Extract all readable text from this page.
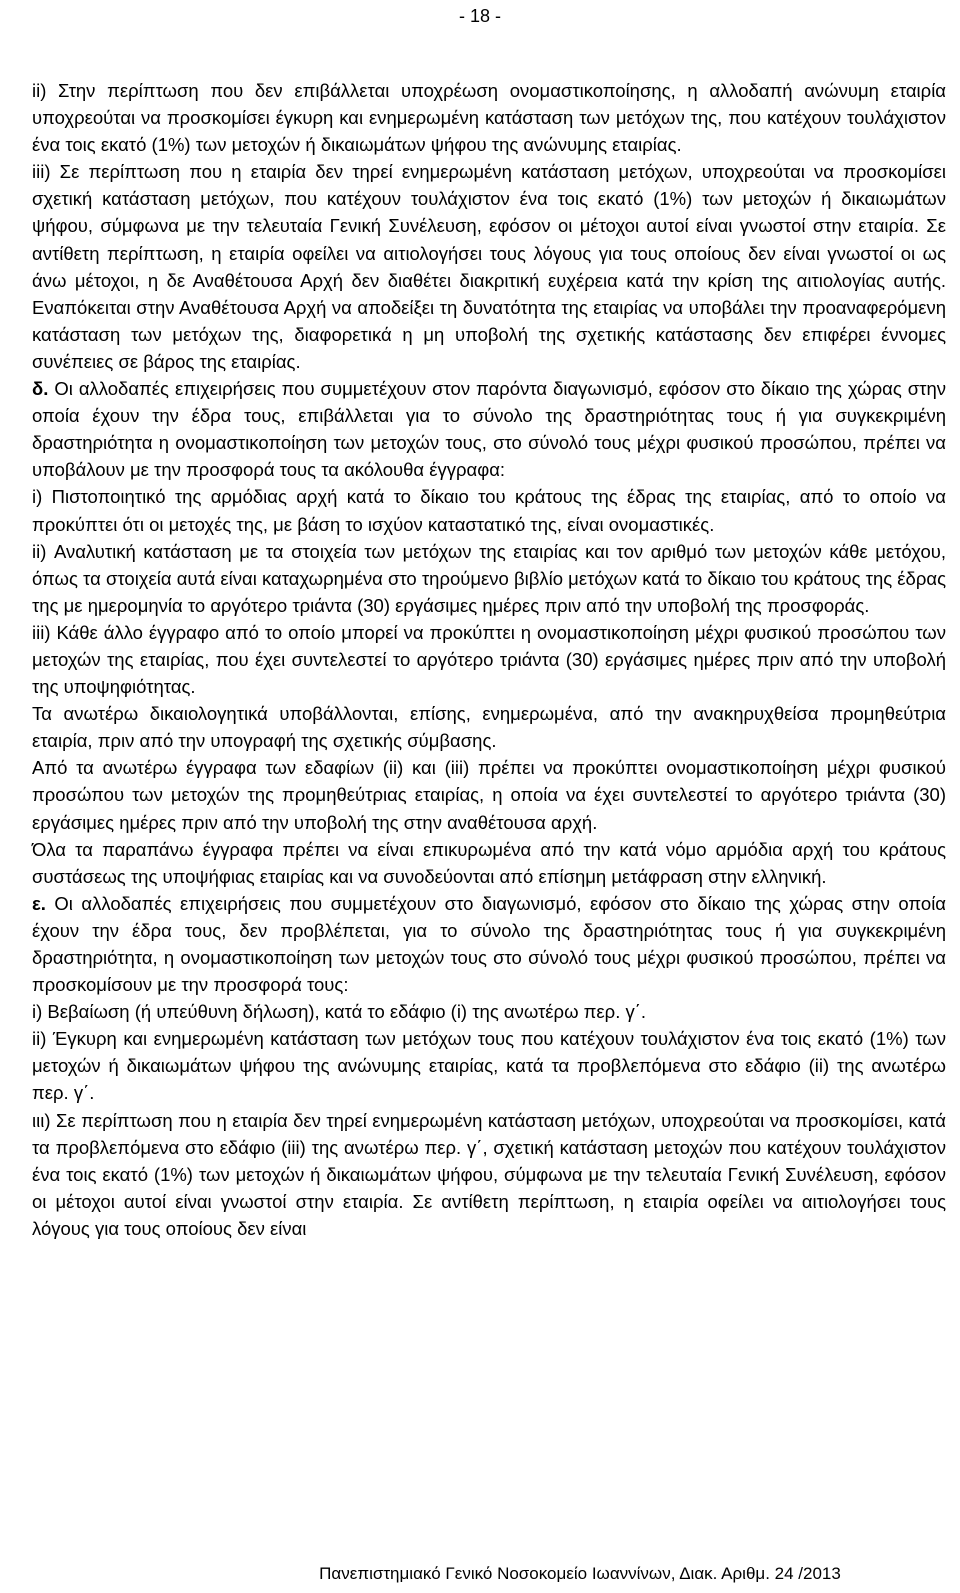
- 18 -

ii) Στην περίπτωση που δεν επιβάλλεται υποχρέωση ονομαστικοποίησης, η αλλοδαπή ανώνυμη εταιρία υποχρεούται να προσκομίσει έγκυρη και ενημερωμένη κατάσταση των μετόχων της, που κατέχουν τουλάχιστον ένα τοις εκατό (1%) των μετοχών ή δικαιωμάτων ψήφου της ανώνυμης εταιρίας.

iii) Σε περίπτωση που η εταιρία δεν τηρεί ενημερωμένη κατάσταση μετόχων, υποχρεούται να προσκομίσει σχετική κατάσταση μετόχων, που κατέχουν τουλάχιστον ένα τοις εκατό (1%) των μετοχών ή δικαιωμάτων ψήφου, σύμφωνα με την τελευταία Γενική Συνέλευση, εφόσον οι μέτοχοι αυτοί είναι γνωστοί στην εταιρία. Σε αντίθετη περίπτωση, η εταιρία οφείλει να αιτιολογήσει τους λόγους για τους οποίους δεν είναι γνωστοί οι ως άνω μέτοχοι, η δε Αναθέτουσα Αρχή δεν διαθέτει διακριτική ευχέρεια κατά την κρίση της αιτιολογίας αυτής. Εναπόκειται στην Αναθέτουσα Αρχή να αποδείξει τη δυνατότητα της εταιρίας να υποβάλει την προαναφερόμενη κατάσταση των μετόχων της, διαφορετικά η μη υποβολή της σχετικής κατάστασης δεν επιφέρει έννομες συνέπειες σε βάρος της εταιρίας.

δ. Οι αλλοδαπές επιχειρήσεις που συμμετέχουν στον παρόντα διαγωνισμό, εφόσον στο δίκαιο της χώρας στην οποία έχουν την έδρα τους, επιβάλλεται για το σύνολο της δραστηριότητας τους ή για συγκεκριμένη δραστηριότητα η ονομαστικοποίηση των μετοχών τους, στο σύνολό τους μέχρι φυσικού προσώπου, πρέπει να υποβάλουν με την προσφορά τους τα ακόλουθα έγγραφα:

i) Πιστοποιητικό της αρμόδιας αρχή κατά το δίκαιο του κράτους της έδρας της εταιρίας, από το οποίο να προκύπτει ότι οι μετοχές της, με βάση το ισχύον καταστατικό της, είναι ονομαστικές.

ii) Αναλυτική κατάσταση με τα στοιχεία των μετόχων της εταιρίας και τον αριθμό των μετοχών κάθε μετόχου, όπως τα στοιχεία αυτά είναι καταχωρημένα στο τηρούμενο βιβλίο μετόχων κατά το δίκαιο του κράτους της έδρας της με ημερομηνία το αργότερο τριάντα (30) εργάσιμες ημέρες πριν από την υποβολή της προσφοράς.

iii) Κάθε άλλο έγγραφο από το οποίο μπορεί να προκύπτει η ονομαστικοποίηση μέχρι φυσικού προσώπου των μετοχών της εταιρίας, που έχει συντελεστεί το αργότερο τριάντα (30) εργάσιμες ημέρες πριν από την υποβολή της υποψηφιότητας.

Τα ανωτέρω δικαιολογητικά υποβάλλονται, επίσης, ενημερωμένα, από την ανακηρυχθείσα προμηθεύτρια εταιρία, πριν από την υπογραφή της σχετικής σύμβασης.

Από τα ανωτέρω έγγραφα των εδαφίων (ii) και (iii) πρέπει να προκύπτει ονομαστικοποίηση μέχρι φυσικού προσώπου των μετοχών της προμηθεύτριας εταιρίας, η οποία να έχει συντελεστεί το αργότερο τριάντα (30) εργάσιμες ημέρες πριν από την υποβολή της στην αναθέτουσα αρχή.

Όλα τα παραπάνω έγγραφα πρέπει να είναι επικυρωμένα από την κατά νόμο αρμόδια αρχή του κράτους συστάσεως της υποψήφιας εταιρίας και να συνοδεύονται από επίσημη μετάφραση στην ελληνική.

ε. Οι αλλοδαπές επιχειρήσεις που συμμετέχουν στο διαγωνισμό, εφόσον στο δίκαιο της χώρας στην οποία έχουν την έδρα τους, δεν προβλέπεται, για το σύνολο της δραστηριότητας τους ή για συγκεκριμένη δραστηριότητα, η ονομαστικοποίηση των μετοχών τους στο σύνολό τους μέχρι φυσικού προσώπου, πρέπει να προσκομίσουν με την προσφορά τους:

i) Βεβαίωση (ή υπεύθυνη δήλωση), κατά το εδάφιο (i) της ανωτέρω περ. γ΄.

ii) Έγκυρη και ενημερωμένη κατάσταση των μετόχων τους που κατέχουν τουλάχιστον ένα τοις εκατό (1%) των μετοχών ή δικαιωμάτων ψήφου της ανώνυμης εταιρίας, κατά τα προβλεπόμενα στο εδάφιο (ii) της ανωτέρω περ. γ΄.

ιιι) Σε περίπτωση που η εταιρία δεν τηρεί ενημερωμένη κατάσταση μετόχων, υποχρεούται να προσκομίσει, κατά τα προβλεπόμενα στο εδάφιο (iii) της ανωτέρω περ. γ΄, σχετική κατάσταση μετοχών που κατέχουν τουλάχιστον ένα τοις εκατό (1%) των μετοχών ή δικαιωμάτων ψήφου, σύμφωνα με την τελευταία Γενική Συνέλευση, εφόσον οι μέτοχοι αυτοί είναι γνωστοί στην εταιρία. Σε αντίθετη περίπτωση, η εταιρία οφείλει να αιτιολογήσει τους λόγους για τους οποίους δεν είναι

Πανεπιστημιακό Γενικό Νοσοκομείο Ιωαννίνων, Διακ. Αριθμ. 24 /2013
